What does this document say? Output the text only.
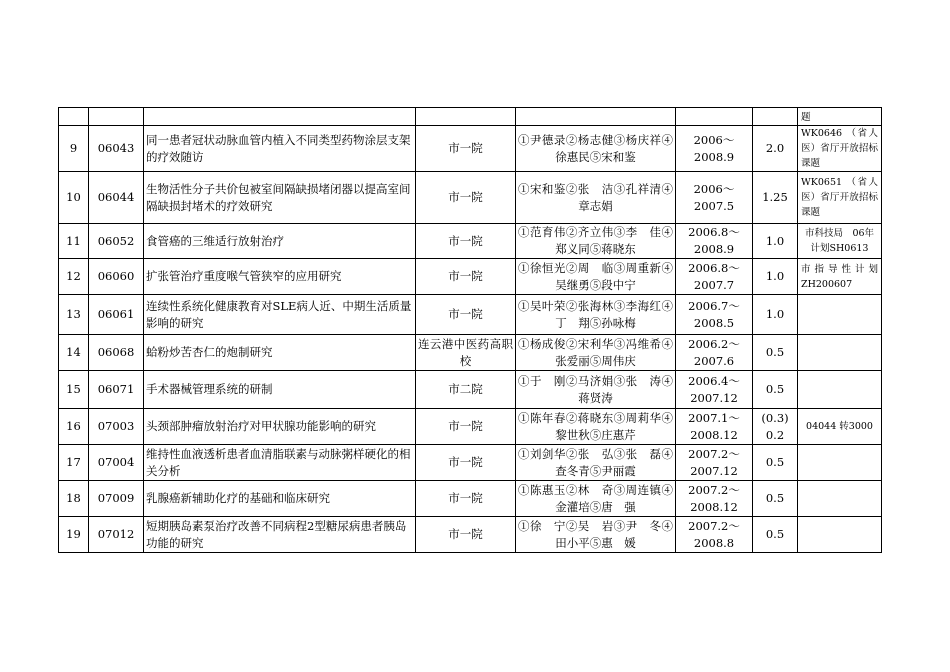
							题
9	06043	同一患者冠状动脉血管内植入不同类型药物涂层支架的疗效随访	市一院	①尹德录②杨志健③杨庆祥④徐惠民⑤宋和鉴	2006～2008.9	2.0	WK0646 （省人医）省厅开放招标课题
10	06044	生物活性分子共价包被室间隔缺损堵闭器以提高室间隔缺损封堵术的疗效研究	市一院	①宋和鉴②张　洁③孔祥清④章志娟	2006～2007.5	1.25	WK0651 （省人医）省厅开放招标课题
11	06052	食管癌的三维适行放射治疗	市一院	①范育伟②齐立伟③李　佳④郑义同⑤蒋晓东	2006.8～2008.9	1.0	市科技局　06年计划SH0613
12	06060	扩张管治疗重度喉气管狭窄的应用研究	市一院	①徐恒光②周　临③周重新④吴继勇⑤段中宁	2006.8～2007.7	1.0	市指导性计划ZH200607
13	06061	连续性系统化健康教育对SLE病人近、中期生活质量影响的研究	市一院	①吴叶荣②张海林③李海红④丁　翔⑤孙咏梅	2006.7～2008.5	1.0	
14	06068	蛤粉炒苦杏仁的炮制研究	连云港中医药高职校	①杨成俊②宋利华③冯维希④张爱丽⑤周伟庆	2006.2～2007.6	0.5	
15	06071	手术器械管理系统的研制	市二院	①于　刚②马济娟③张　涛④蒋贤涛	2006.4～2007.12	0.5	
16	07003	头颈部肿瘤放射治疗对甲状腺功能影响的研究	市一院	①陈年春②蒋晓东③周莉华④黎世秋⑤庄惠芹	2007.1～2008.12	(0.3) 0.2	04044 转3000
17	07004	维持性血液透析患者血清脂联素与动脉粥样硬化的相关分析	市一院	①刘剑华②张　弘③张　磊④查冬青⑤尹丽霞	2007.2～2007.12	0.5	
18	07009	乳腺癌新辅助化疗的基础和临床研究	市一院	①陈惠玉②林　奇③周连镇④金灌培⑤唐　强	2007.2～2008.12	0.5	
19	07012	短期胰岛素泵治疗改善不同病程2型糖尿病患者胰岛功能的研究	市一院	①徐　宁②吴　岩③尹　冬④田小平⑤惠　媛	2007.2～2008.8	0.5	
